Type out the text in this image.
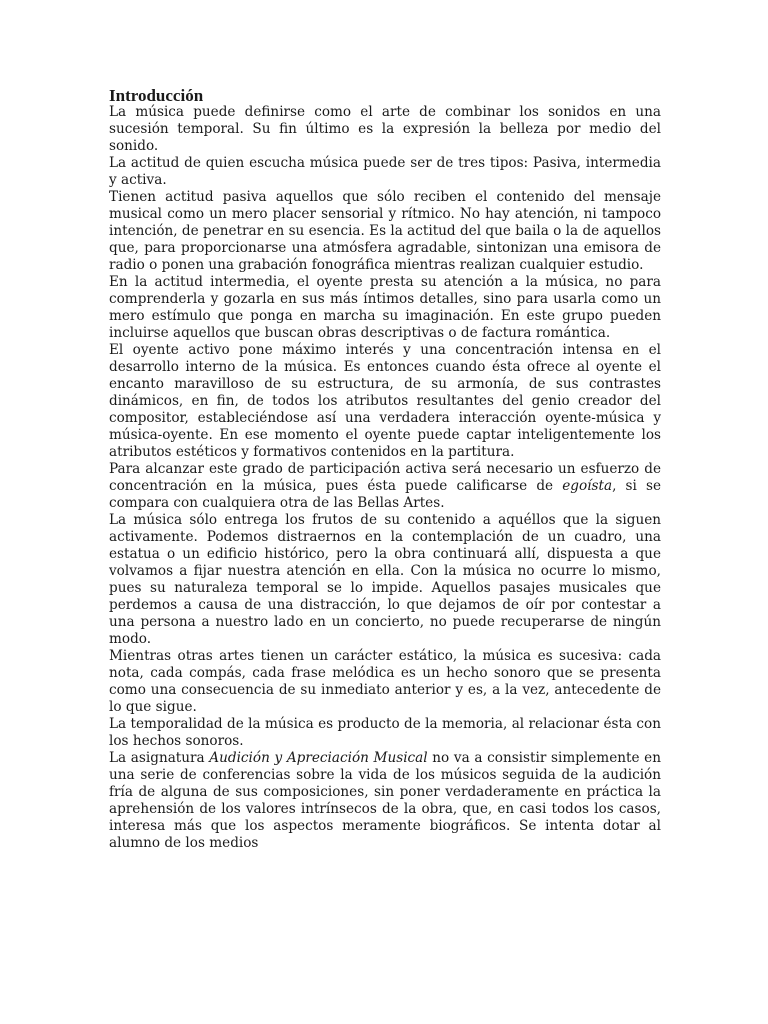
Introducción

La música puede definirse como el arte de combinar los sonidos en una sucesión temporal. Su fin último es la expresión la belleza por medio del sonido.

La actitud de quien escucha música puede ser de tres tipos: Pasiva, intermedia y activa.

Tienen actitud pasiva aquellos que sólo reciben el contenido del mensaje musical como un mero placer sensorial y rítmico. No hay atención, ni tampoco intención, de penetrar en su esencia. Es la actitud del que baila o la de aquellos que, para proporcionarse una atmósfera agradable, sintonizan una emisora de radio o ponen una grabación fonográfica mientras realizan cualquier estudio.

En la actitud intermedia, el oyente presta su atención a la música, no para comprenderla y gozarla en sus más íntimos detalles, sino para usarla como un mero estímulo que ponga en marcha su imaginación. En este grupo pueden incluirse aquellos que buscan obras descriptivas o de factura romántica.

El oyente activo pone máximo interés y una concentración intensa en el desarrollo interno de la música. Es entonces cuando ésta ofrece al oyente el encanto maravilloso de su estructura, de su armonía, de sus contrastes dinámicos, en fin, de todos los atributos resultantes del genio creador del compositor, estableciéndose así una verdadera interacción oyente-música y música-oyente. En ese momento el oyente puede captar inteligentemente los atributos estéticos y formativos contenidos en la partitura.

Para alcanzar este grado de participación activa será necesario un esfuerzo de concentración en la música, pues ésta puede calificarse de egoísta, si se compara con cualquiera otra de las Bellas Artes.

La música sólo entrega los frutos de su contenido a aquéllos que la siguen activamente. Podemos distraernos en la contemplación de un cuadro, una estatua o un edificio histórico, pero la obra continuará allí, dispuesta a que volvamos a fijar nuestra atención en ella. Con la música no ocurre lo mismo, pues su naturaleza temporal se lo impide. Aquellos pasajes musicales que perdemos a causa de una distracción, lo que dejamos de oír por contestar a una persona a nuestro lado en un concierto, no puede recuperarse de ningún modo.

Mientras otras artes tienen un carácter estático, la música es sucesiva: cada nota, cada compás, cada frase melódica es un hecho sonoro que se presenta como una consecuencia de su inmediato anterior y es, a la vez, antecedente de lo que sigue.

La temporalidad de la música es producto de la memoria, al relacionar ésta con los hechos sonoros.

La asignatura Audición y Apreciación Musical no va a consistir simplemente en una serie de conferencias sobre la vida de los músicos seguida de la audición fría de alguna de sus composiciones, sin poner verdaderamente en práctica la aprehensión de los valores intrínsecos de la obra, que, en casi todos los casos, interesa más que los aspectos meramente biográficos. Se intenta dotar al alumno de los medios
